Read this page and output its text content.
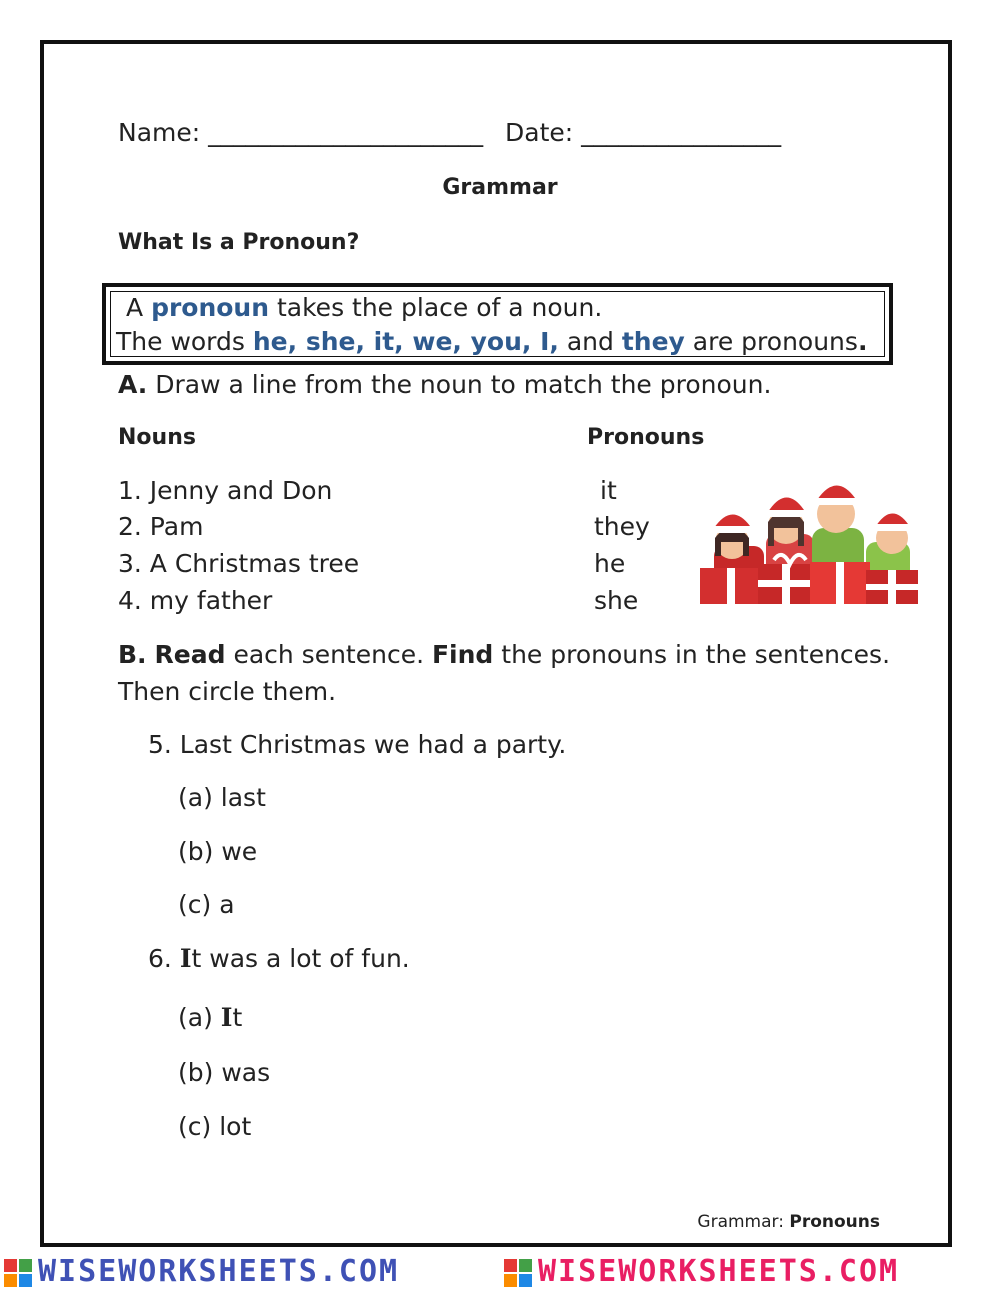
Name: ______________________ Date: ________________
Grammar
What Is a Pronoun?
A pronoun takes the place of a noun.
The words he, she, it, we, you, I, and they are pronouns.
A. Draw a line from the noun to match the pronoun.
Nouns	Pronouns
1. Jenny and Don
2. Pam
3. A Christmas tree
4. my father
it
they
he
she
B. Read each sentence. Find the pronouns in the sentences.
Then circle them.
5. Last Christmas we had a party.
(a) last
(b) we
(c) a
6. It was a lot of fun.
(a) It
(b) was
(c) lot
Grammar: Pronouns
WISEWORKSHEETS.COM	WISEWORKSHEETS.COM
